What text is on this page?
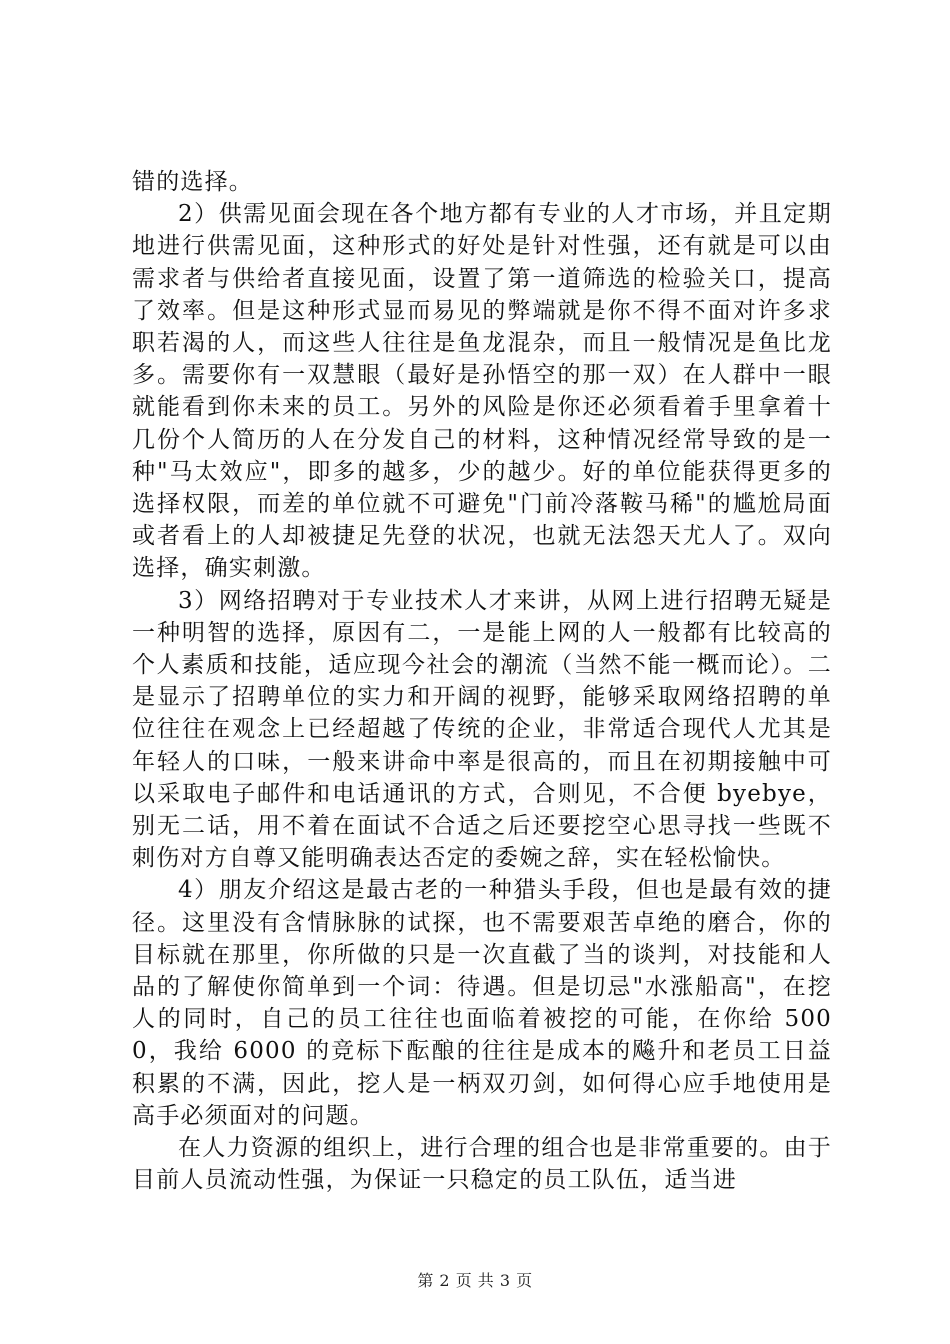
错的选择。

2）供需见面会现在各个地方都有专业的人才市场，并且定期地进行供需见面，这种形式的好处是针对性强，还有就是可以由需求者与供给者直接见面，设置了第一道筛选的检验关口，提高了效率。但是这种形式显而易见的弊端就是你不得不面对许多求职若渴的人，而这些人往往是鱼龙混杂，而且一般情况是鱼比龙多。需要你有一双慧眼（最好是孙悟空的那一双）在人群中一眼就能看到你未来的员工。另外的风险是你还必须看着手里拿着十几份个人简历的人在分发自己的材料，这种情况经常导致的是一种"马太效应"，即多的越多，少的越少。好的单位能获得更多的选择权限，而差的单位就不可避免"门前冷落鞍马稀"的尴尬局面或者看上的人却被捷足先登的状况，也就无法怨天尤人了。双向选择，确实刺激。

3）网络招聘对于专业技术人才来讲，从网上进行招聘无疑是一种明智的选择，原因有二，一是能上网的人一般都有比较高的个人素质和技能，适应现今社会的潮流（当然不能一概而论）。二是显示了招聘单位的实力和开阔的视野，能够采取网络招聘的单位往往在观念上已经超越了传统的企业，非常适合现代人尤其是年轻人的口味，一般来讲命中率是很高的，而且在初期接触中可以采取电子邮件和电话通讯的方式，合则见，不合便 byebye，别无二话，用不着在面试不合适之后还要挖空心思寻找一些既不刺伤对方自尊又能明确表达否定的委婉之辞，实在轻松愉快。

4）朋友介绍这是最古老的一种猎头手段，但也是最有效的捷径。这里没有含情脉脉的试探，也不需要艰苦卓绝的磨合，你的目标就在那里，你所做的只是一次直截了当的谈判，对技能和人品的了解使你简单到一个词：待遇。但是切忌"水涨船高"，在挖人的同时，自己的员工往往也面临着被挖的可能，在你给 5000，我给 6000 的竞标下酝酿的往往是成本的飚升和老员工日益积累的不满，因此，挖人是一柄双刃剑，如何得心应手地使用是高手必须面对的问题。

在人力资源的组织上，进行合理的组合也是非常重要的。由于目前人员流动性强，为保证一只稳定的员工队伍，适当进

第 2 页 共 3 页
